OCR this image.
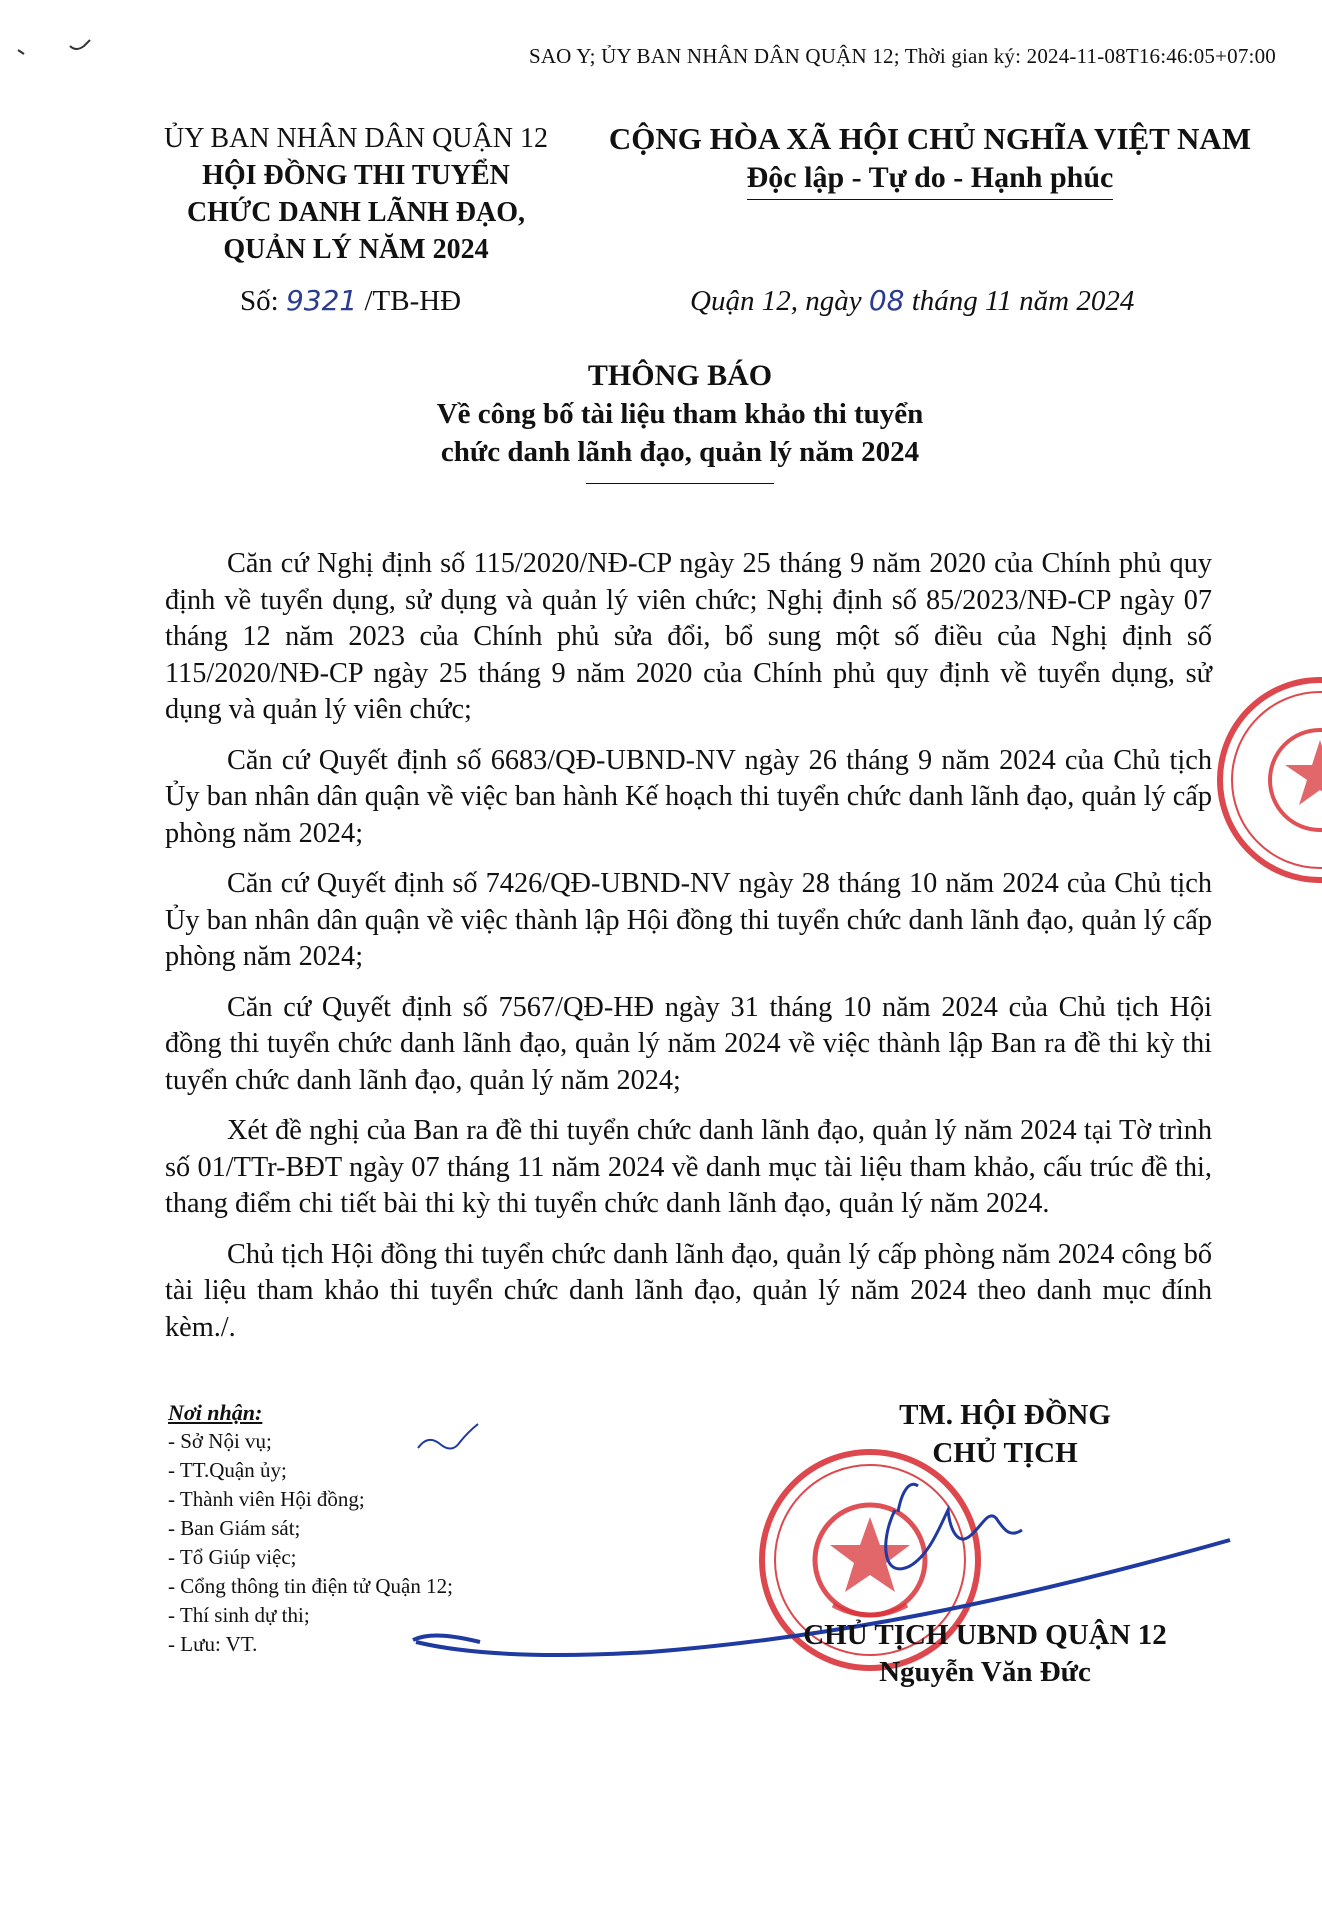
SAO Y; ỦY BAN NHÂN DÂN QUẬN 12; Thời gian ký: 2024-11-08T16:46:05+07:00
ỦY BAN NHÂN DÂN QUẬN 12
HỘI ĐỒNG THI TUYỂN
CHỨC DANH LÃNH ĐẠO,
QUẢN LÝ NĂM 2024
CỘNG HÒA XÃ HỘI CHỦ NGHĨA VIỆT NAM
Độc lập - Tự do - Hạnh phúc
Số: 9321 /TB-HĐ	Quận 12, ngày 08 tháng 11 năm 2024
THÔNG BÁO
Về công bố tài liệu tham khảo thi tuyển
chức danh lãnh đạo, quản lý năm 2024

Căn cứ Nghị định số 115/2020/NĐ-CP ngày 25 tháng 9 năm 2020 của Chính phủ quy định về tuyển dụng, sử dụng và quản lý viên chức; Nghị định số 85/2023/NĐ-CP ngày 07 tháng 12 năm 2023 của Chính phủ sửa đổi, bổ sung một số điều của Nghị định số 115/2020/NĐ-CP ngày 25 tháng 9 năm 2020 của Chính phủ quy định về tuyển dụng, sử dụng và quản lý viên chức;

Căn cứ Quyết định số 6683/QĐ-UBND-NV ngày 26 tháng 9 năm 2024 của Chủ tịch Ủy ban nhân dân quận về việc ban hành Kế hoạch thi tuyển chức danh lãnh đạo, quản lý cấp phòng năm 2024;

Căn cứ Quyết định số 7426/QĐ-UBND-NV ngày 28 tháng 10 năm 2024 của Chủ tịch Ủy ban nhân dân quận về việc thành lập Hội đồng thi tuyển chức danh lãnh đạo, quản lý cấp phòng năm 2024;

Căn cứ Quyết định số 7567/QĐ-HĐ ngày 31 tháng 10 năm 2024 của Chủ tịch Hội đồng thi tuyển chức danh lãnh đạo, quản lý năm 2024 về việc thành lập Ban ra đề thi kỳ thi tuyển chức danh lãnh đạo, quản lý năm 2024;

Xét đề nghị của Ban ra đề thi tuyển chức danh lãnh đạo, quản lý năm 2024 tại Tờ trình số 01/TTr-BĐT ngày 07 tháng 11 năm 2024 về danh mục tài liệu tham khảo, cấu trúc đề thi, thang điểm chi tiết bài thi kỳ thi tuyển chức danh lãnh đạo, quản lý năm 2024.

Chủ tịch Hội đồng thi tuyển chức danh lãnh đạo, quản lý cấp phòng năm 2024 công bố tài liệu tham khảo thi tuyển chức danh lãnh đạo, quản lý năm 2024 theo danh mục đính kèm./.

Nơi nhận:
- Sở Nội vụ;
- TT.Quận ủy;
- Thành viên Hội đồng;
- Ban Giám sát;
- Tổ Giúp việc;
- Cổng thông tin điện tử Quận 12;
- Thí sinh dự thi;
- Lưu: VT.
TM. HỘI ĐỒNG
CHỦ TỊCH
CHỦ TỊCH UBND QUẬN 12
Nguyễn Văn Đức
